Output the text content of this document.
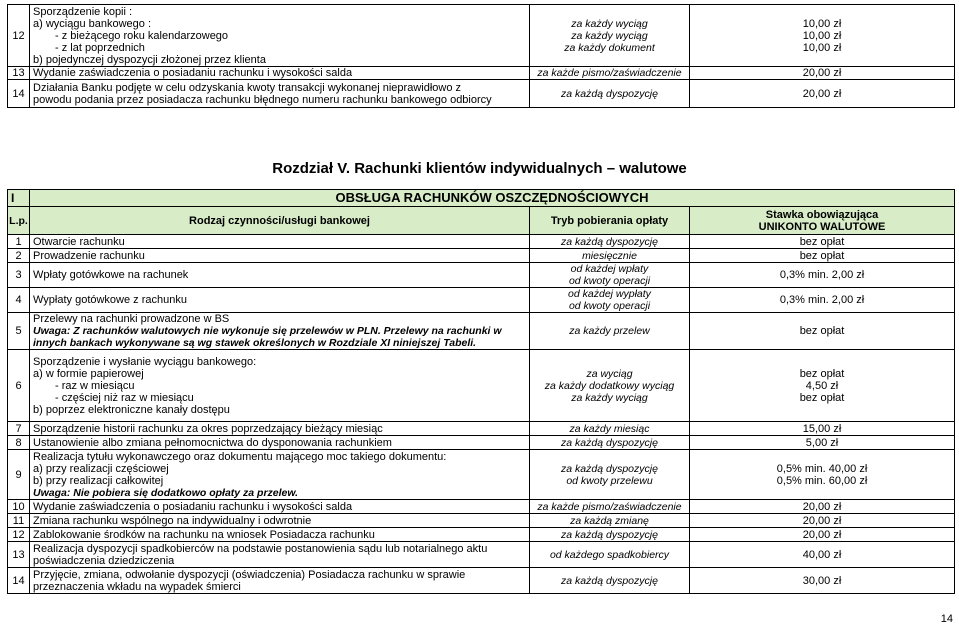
12	Sporządzenie kopii :
a) wyciągu bankowego :
- z bieżącego roku kalendarzowego
- z lat poprzednich
b) pojedynczej dyspozycji złożonej przez klienta	za każdy wyciąg
za każdy wyciąg
za każdy dokument	10,00 zł
10,00 zł
10,00 zł

13	Wydanie zaświadczenia o posiadaniu rachunku i wysokości salda	za każde pismo/zaświadczenie	20,00 zł

14	Działania Banku podjęte w celu odzyskania kwoty transakcji wykonanej nieprawidłowo z
powodu podania przez posiadacza rachunku błędnego numeru rachunku bankowego odbiorcy	za każdą dyspozycję	20,00 zł
Rozdział V. Rachunki klientów indywidualnych – walutowe
I	OBSŁUGA RACHUNKÓW OSZCZĘDNOŚCIOWYCH		
L.p.	Rodzaj czynności/usługi bankowej	Tryb pobierania opłaty	Stawka obowiązująca
UNIKONTO WALUTOWE

1	Otwarcie rachunku	za każdą dyspozycję	bez opłat

2	Prowadzenie rachunku	miesięcznie	bez opłat

3	Wpłaty gotówkowe na rachunek	od każdej wpłaty
od kwoty operacji	0,3% min. 2,00 zł

4	Wypłaty gotówkowe z rachunku	od każdej wypłaty
od kwoty operacji	0,3% min. 2,00 zł

5	Przelewy na rachunki prowadzone w BS
Uwaga: Z rachunków walutowych nie wykonuje się przelewów w PLN. Przelewy na rachunki w innych bankach wykonywane są wg stawek określonych w Rozdziale XI niniejszej Tabeli.	za każdy przelew	bez opłat

6	Sporządzenie i wysłanie wyciągu bankowego:
a) w formie papierowej
- raz w miesiącu
- częściej niż raz w miesiącu
b) poprzez elektroniczne kanały dostępu	za wyciąg
za każdy dodatkowy wyciąg
za każdy wyciąg	bez opłat
4,50 zł
bez opłat

7	Sporządzenie historii rachunku za okres poprzedzający bieżący miesiąc	za każdy miesiąc	15,00 zł

8	Ustanowienie albo zmiana pełnomocnictwa do dysponowania rachunkiem	za każdą dyspozycję	5,00 zł

9	Realizacja tytułu wykonawczego oraz dokumentu mającego moc takiego dokumentu:
a) przy realizacji częściowej
b) przy realizacji całkowitej
Uwaga: Nie pobiera się dodatkowo opłaty za przelew.	za każdą dyspozycję
od kwoty przelewu	0,5% min. 40,00 zł
0,5% min. 60,00 zł

10	Wydanie zaświadczenia o posiadaniu rachunku i wysokości salda	za każde pismo/zaświadczenie	20,00 zł

11	Zmiana rachunku wspólnego na indywidualny i odwrotnie	za każdą zmianę	20,00 zł

12	Zablokowanie środków na rachunku na wniosek Posiadacza rachunku	za każdą dyspozycję	20,00 zł

13	Realizacja dyspozycji spadkobierców na podstawie postanowienia sądu lub notarialnego aktu
poświadczenia dziedziczenia	od każdego spadkobiercy	40,00 zł

14	Przyjęcie, zmiana, odwołanie dyspozycji (oświadczenia) Posiadacza rachunku w sprawie
przeznaczenia wkładu na wypadek śmierci	za każdą dyspozycję	30,00 zł
14
